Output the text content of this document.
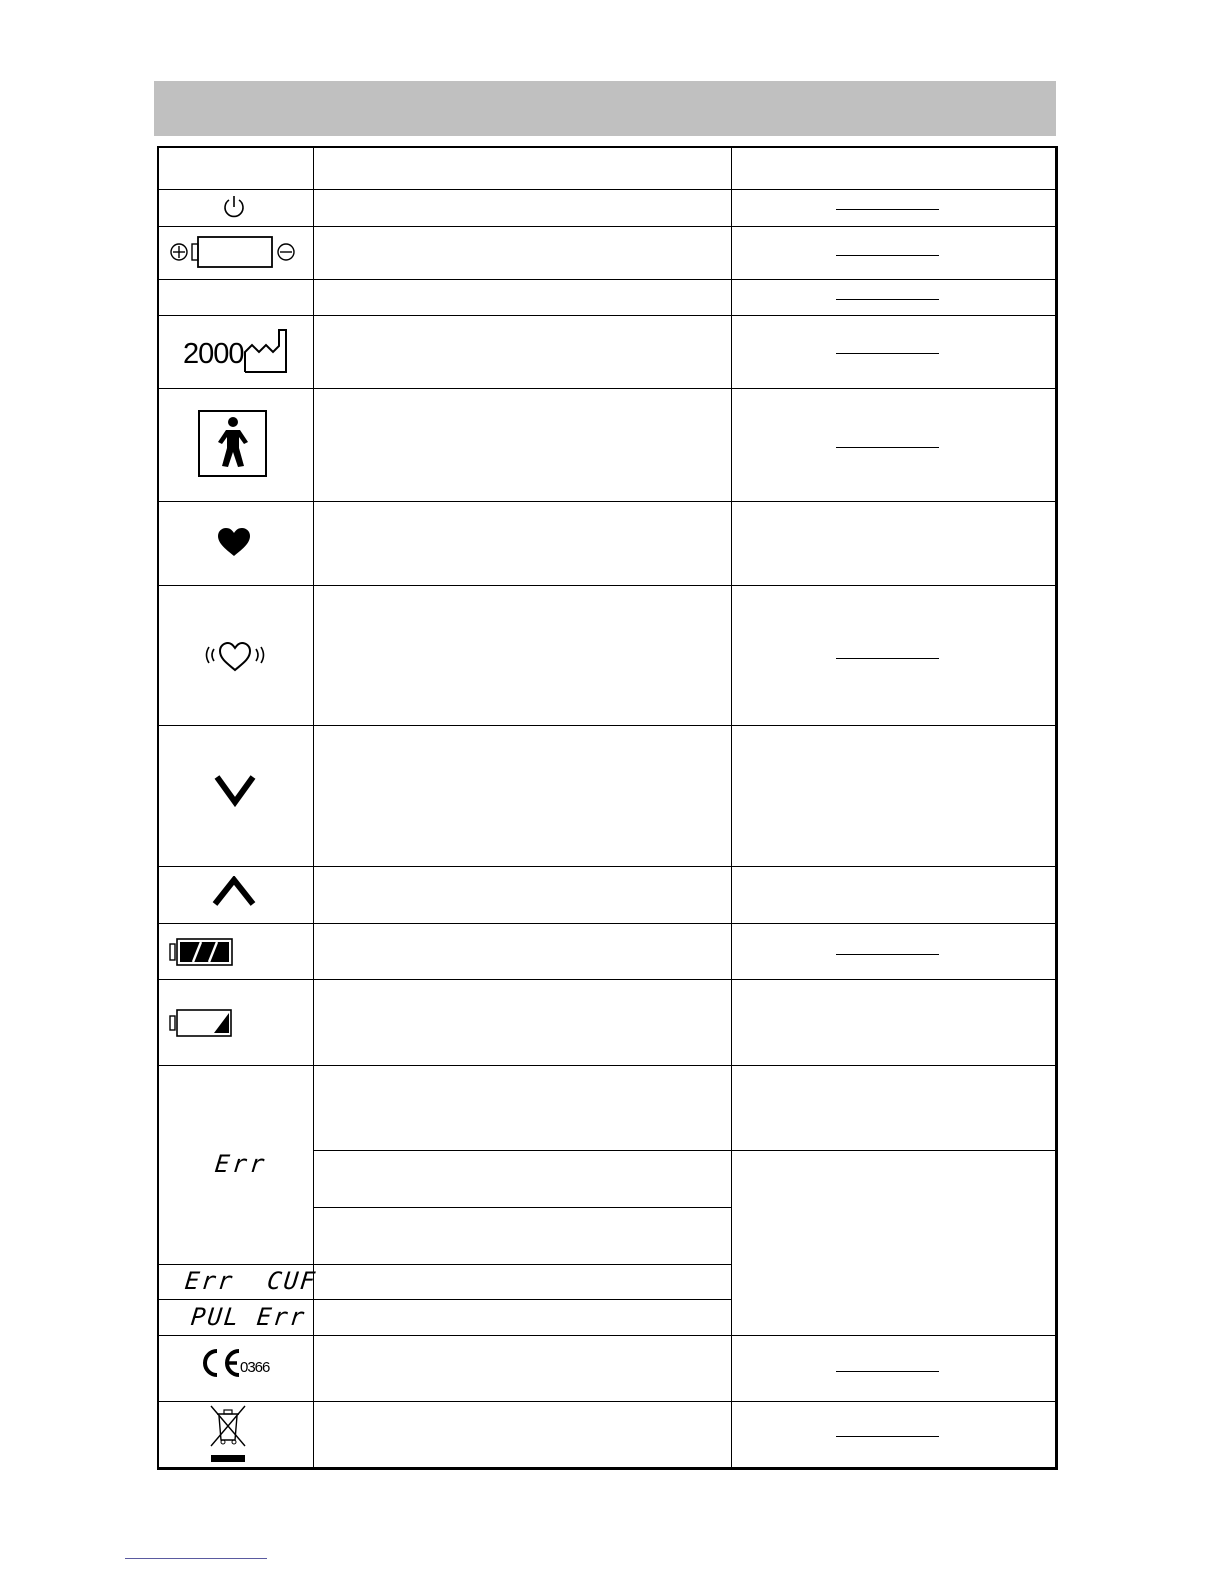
2000
Err
Err  CUF
PUL Err
0366
